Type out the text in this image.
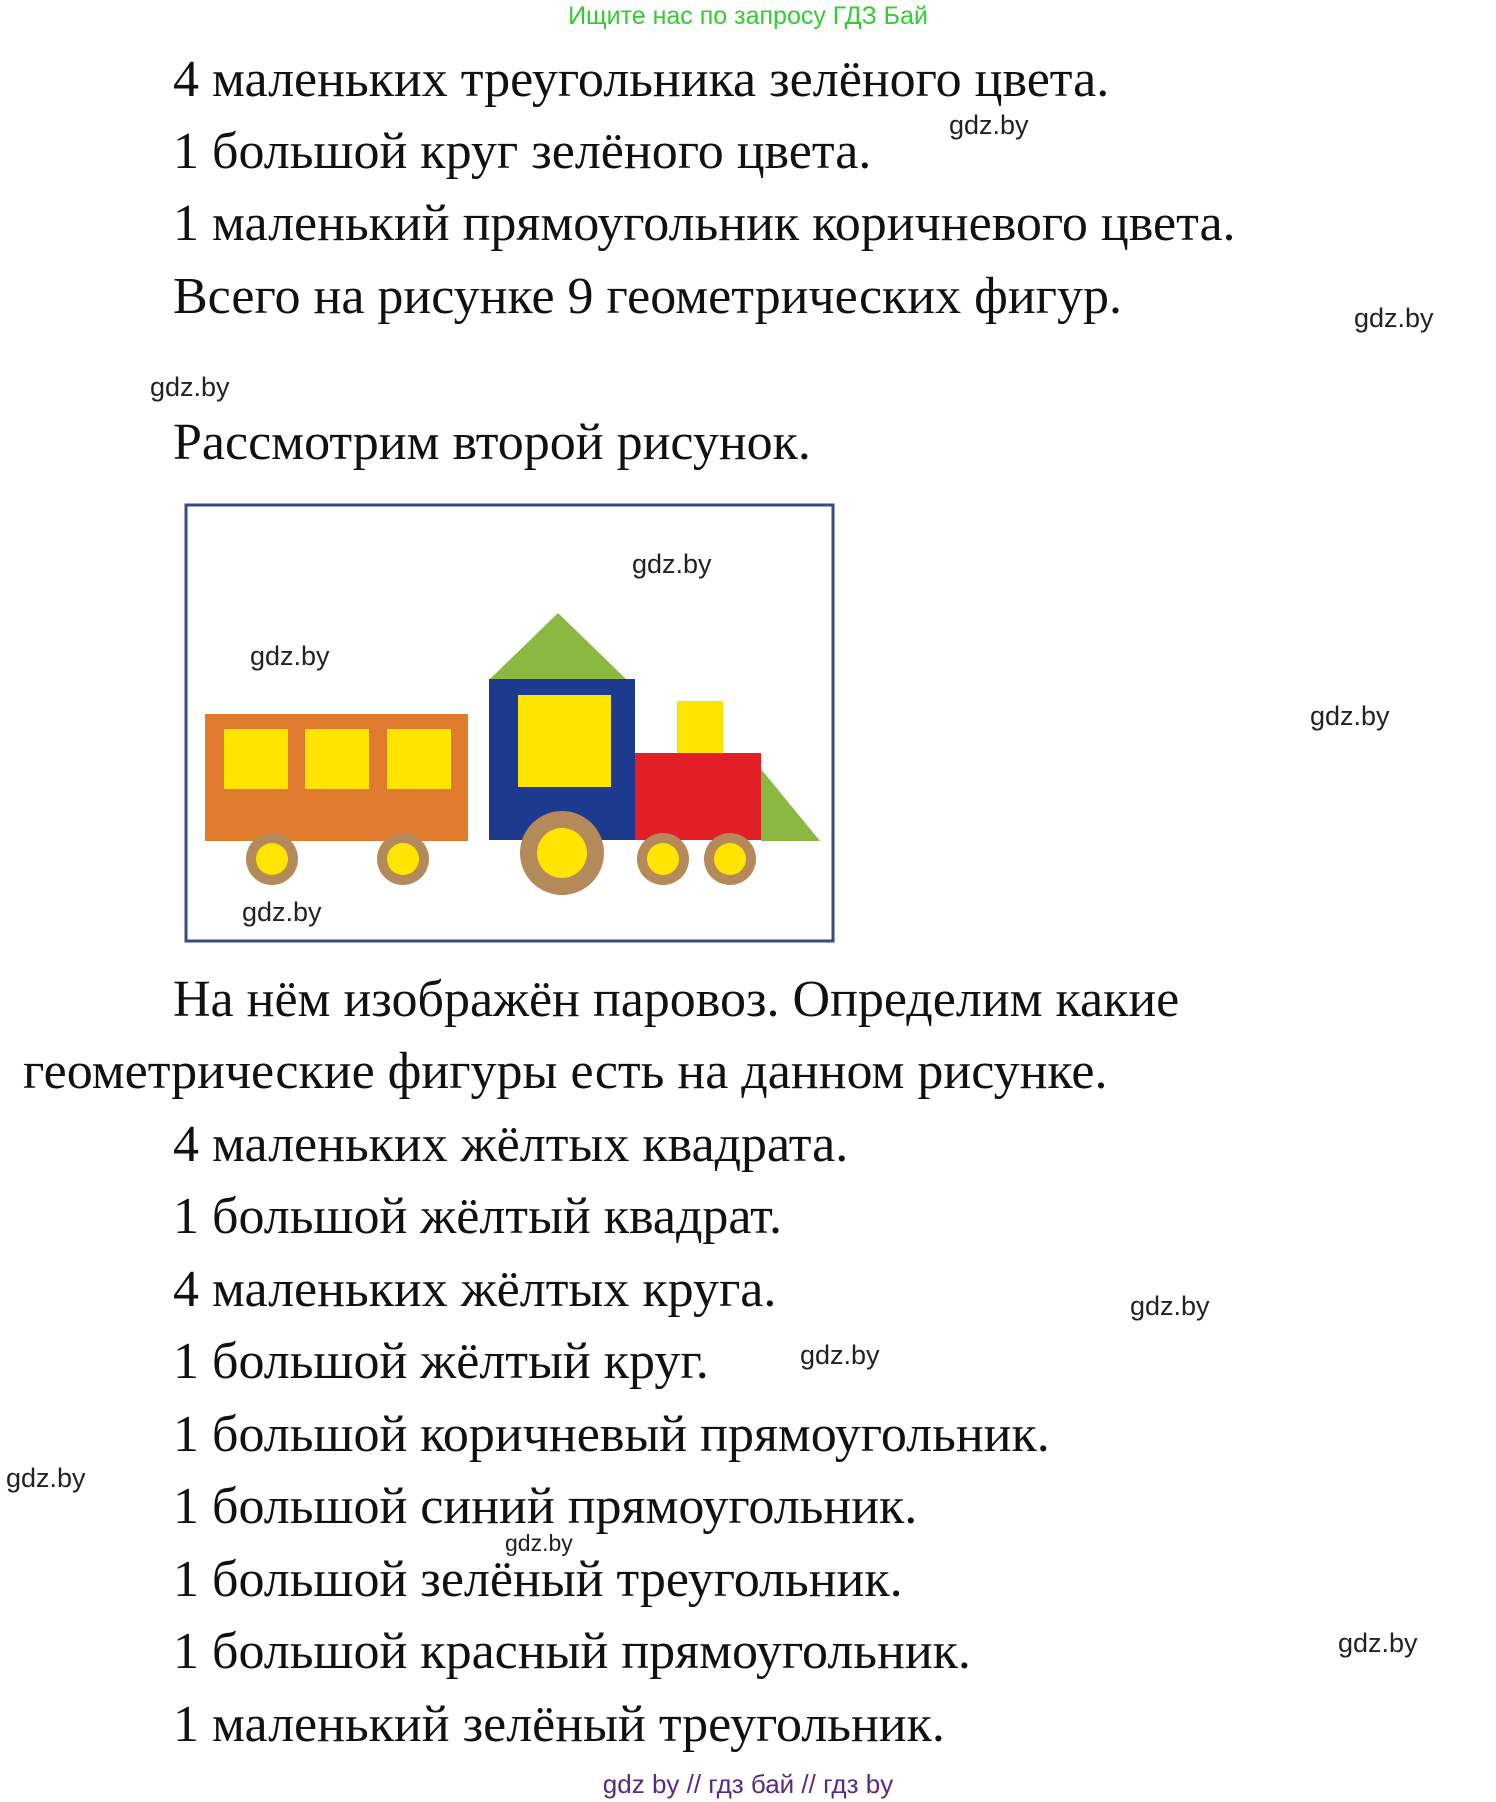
Ищите нас по запросу ГДЗ Бай
4 маленьких треугольника зелёного цвета.
1 большой круг зелёного цвета.
1 маленький прямоугольник коричневого цвета.
Всего на рисунке 9 геометрических фигур.
Рассмотрим второй рисунок.
На нём изображён паровоз. Определим какие
геометрические фигуры есть на данном рисунке.
4 маленьких жёлтых квадрата.
1 большой жёлтый квадрат.
4 маленьких жёлтых круга.
1 большой жёлтый круг.
1 большой коричневый прямоугольник.
1 большой синий прямоугольник.
1 большой зелёный треугольник.
1 большой красный прямоугольник.
1 маленький зелёный треугольник.
gdz.by
gdz.by
gdz.by
gdz.by
gdz.by
gdz.by
gdz.by
gdz.by
gdz.by
gdz.by
gdz.by
gdz.by
gdz by // гдз бай // гдз by
